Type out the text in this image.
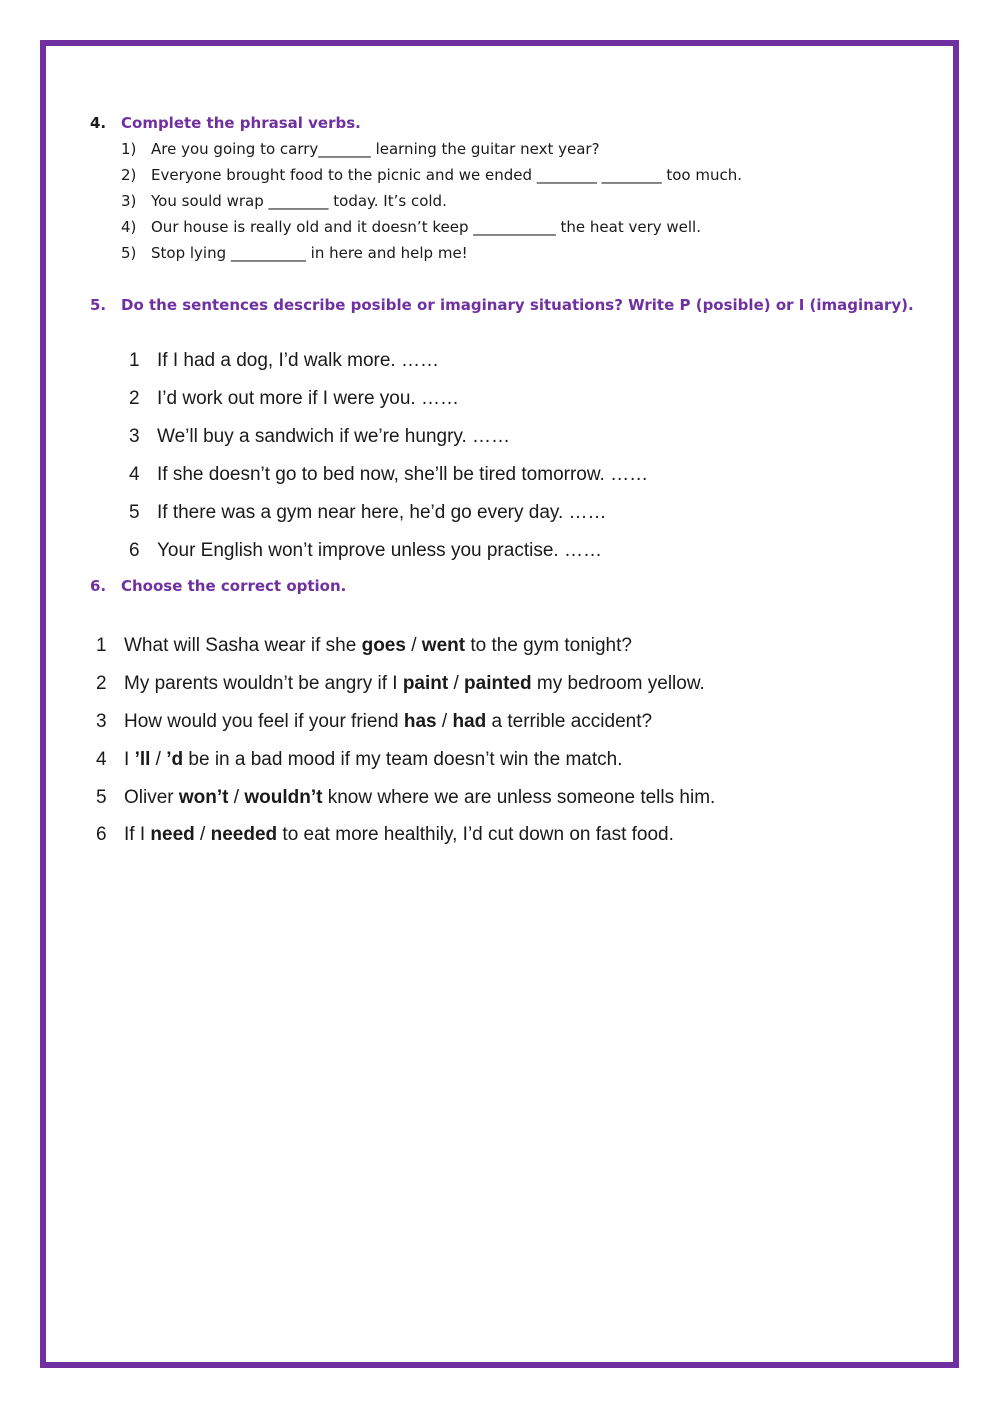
4. Complete the phrasal verbs.
1) Are you going to carry_______ learning the guitar next year?
2) Everyone brought food to the picnic and we ended ________ ________ too much.
3) You sould wrap ________ today. It’s cold.
4) Our house is really old and it doesn’t keep ___________ the heat very well.
5) Stop lying __________ in here and help me!
5. Do the sentences describe posible or imaginary situations? Write P (posible) or I (imaginary).
1 If I had a dog, I’d walk more. ……
2 I’d work out more if I were you. ……
3 We’ll buy a sandwich if we’re hungry. ……
4 If she doesn’t go to bed now, she’ll be tired tomorrow. ……
5 If there was a gym near here, he’d go every day. ……
6 Your English won’t improve unless you practise. ……
6. Choose the correct option.
1 What will Sasha wear if she goes / went to the gym tonight?
2 My parents wouldn’t be angry if I paint / painted my bedroom yellow.
3 How would you feel if your friend has / had a terrible accident?
4 I ’ll / ’d be in a bad mood if my team doesn’t win the match.
5 Oliver won’t / wouldn’t know where we are unless someone tells him.
6 If I need / needed to eat more healthily, I’d cut down on fast food.
